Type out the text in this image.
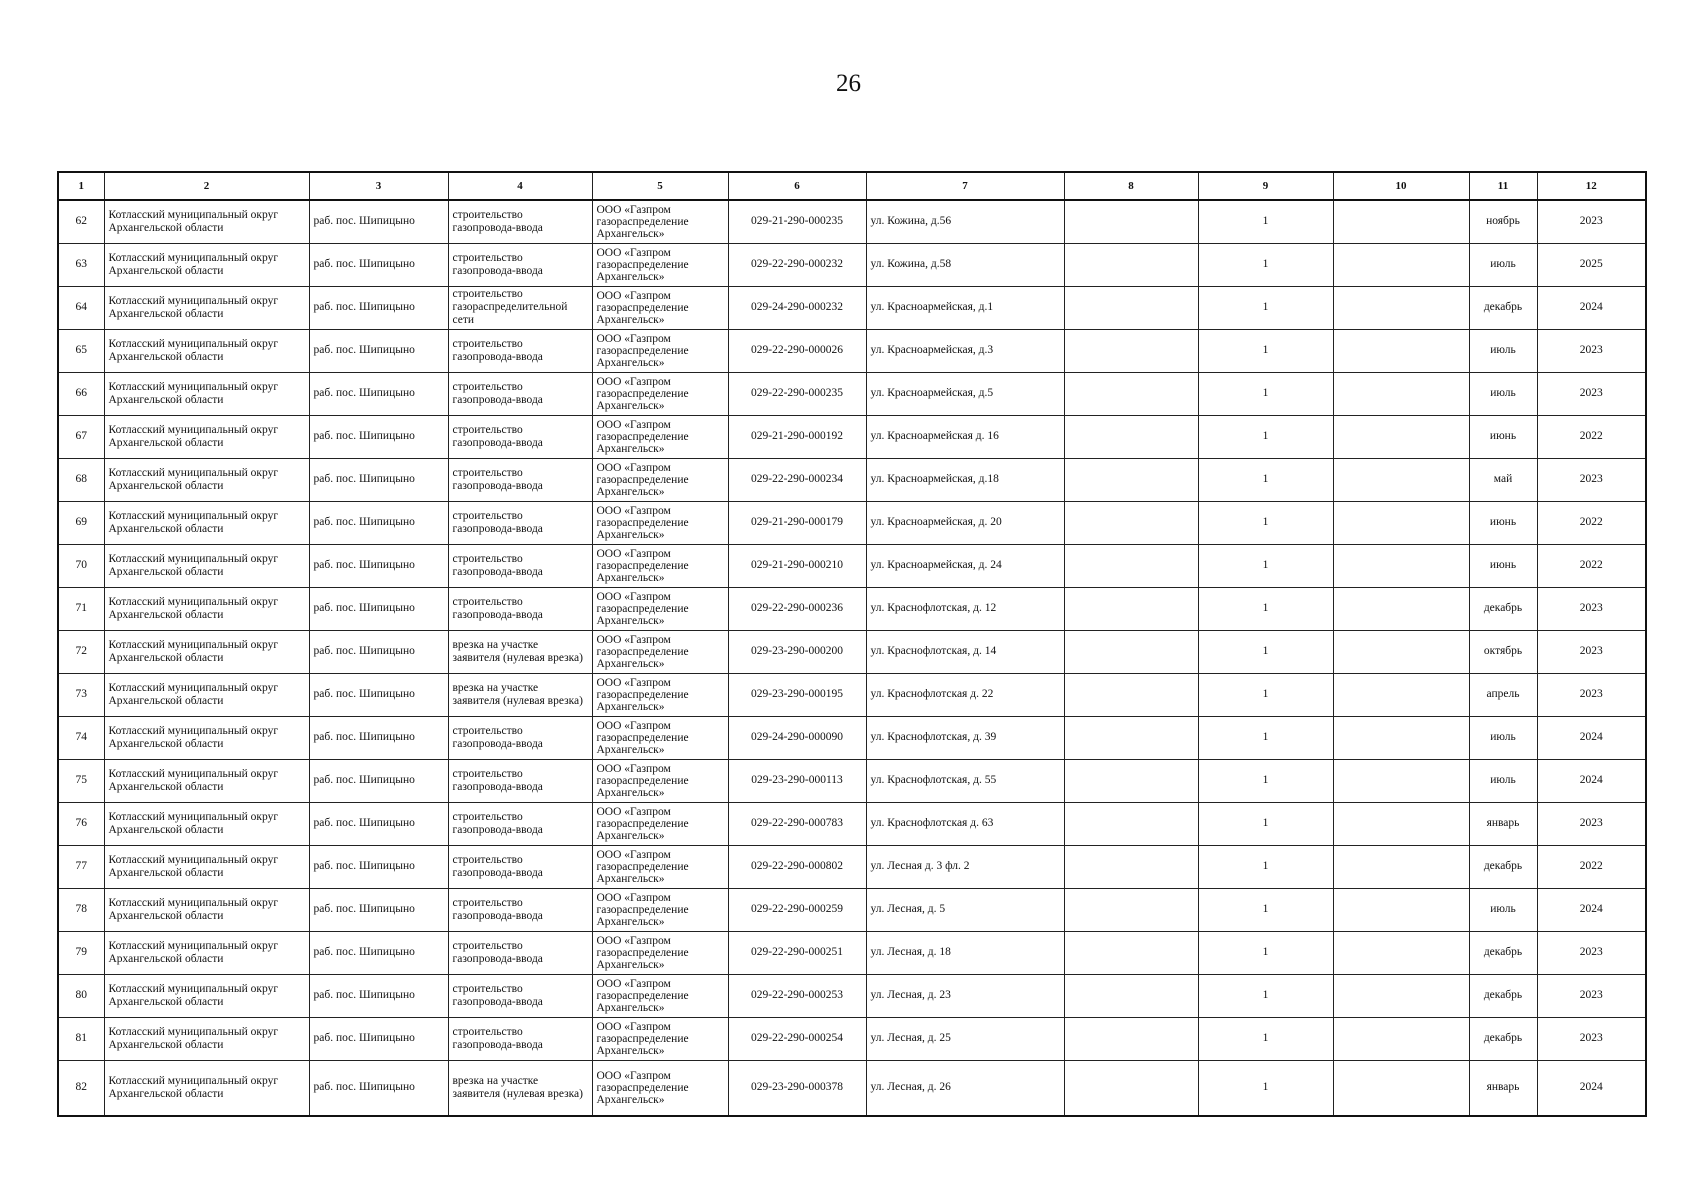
26
1	2	3	4	5	6	7	8	9	10	11	12
62	Котласский муниципальный округ Архангельской области	раб. пос. Шипицыно	строительство газопровода-ввода	ООО «Газпром газораспределение Архангельск»	029-21-290-000235	ул. Кожина, д.56		1		ноябрь	2023
63	Котласский муниципальный округ Архангельской области	раб. пос. Шипицыно	строительство газопровода-ввода	ООО «Газпром газораспределение Архангельск»	029-22-290-000232	ул. Кожина, д.58		1		июль	2025
64	Котласский муниципальный округ Архангельской области	раб. пос. Шипицыно	строительство газораспределительной сети	ООО «Газпром газораспределение Архангельск»	029-24-290-000232	ул. Красноармейская, д.1		1		декабрь	2024
65	Котласский муниципальный округ Архангельской области	раб. пос. Шипицыно	строительство газопровода-ввода	ООО «Газпром газораспределение Архангельск»	029-22-290-000026	ул. Красноармейская, д.3		1		июль	2023
66	Котласский муниципальный округ Архангельской области	раб. пос. Шипицыно	строительство газопровода-ввода	ООО «Газпром газораспределение Архангельск»	029-22-290-000235	ул. Красноармейская, д.5		1		июль	2023
67	Котласский муниципальный округ Архангельской области	раб. пос. Шипицыно	строительство газопровода-ввода	ООО «Газпром газораспределение Архангельск»	029-21-290-000192	ул. Красноармейская д. 16		1		июнь	2022
68	Котласский муниципальный округ Архангельской области	раб. пос. Шипицыно	строительство газопровода-ввода	ООО «Газпром газораспределение Архангельск»	029-22-290-000234	ул. Красноармейская, д.18		1		май	2023
69	Котласский муниципальный округ Архангельской области	раб. пос. Шипицыно	строительство газопровода-ввода	ООО «Газпром газораспределение Архангельск»	029-21-290-000179	ул. Красноармейская, д. 20		1		июнь	2022
70	Котласский муниципальный округ Архангельской области	раб. пос. Шипицыно	строительство газопровода-ввода	ООО «Газпром газораспределение Архангельск»	029-21-290-000210	ул. Красноармейская, д. 24		1		июнь	2022
71	Котласский муниципальный округ Архангельской области	раб. пос. Шипицыно	строительство газопровода-ввода	ООО «Газпром газораспределение Архангельск»	029-22-290-000236	ул. Краснофлотская, д. 12		1		декабрь	2023
72	Котласский муниципальный округ Архангельской области	раб. пос. Шипицыно	врезка на участке заявителя (нулевая врезка)	ООО «Газпром газораспределение Архангельск»	029-23-290-000200	ул. Краснофлотская, д. 14		1		октябрь	2023
73	Котласский муниципальный округ Архангельской области	раб. пос. Шипицыно	врезка на участке заявителя (нулевая врезка)	ООО «Газпром газораспределение Архангельск»	029-23-290-000195	ул. Краснофлотская д. 22		1		апрель	2023
74	Котласский муниципальный округ Архангельской области	раб. пос. Шипицыно	строительство газопровода-ввода	ООО «Газпром газораспределение Архангельск»	029-24-290-000090	ул. Краснофлотская, д. 39		1		июль	2024
75	Котласский муниципальный округ Архангельской области	раб. пос. Шипицыно	строительство газопровода-ввода	ООО «Газпром газораспределение Архангельск»	029-23-290-000113	ул. Краснофлотская, д. 55		1		июль	2024
76	Котласский муниципальный округ Архангельской области	раб. пос. Шипицыно	строительство газопровода-ввода	ООО «Газпром газораспределение Архангельск»	029-22-290-000783	ул. Краснофлотская д. 63		1		январь	2023
77	Котласский муниципальный округ Архангельской области	раб. пос. Шипицыно	строительство газопровода-ввода	ООО «Газпром газораспределение Архангельск»	029-22-290-000802	ул. Лесная д. 3 фл. 2		1		декабрь	2022
78	Котласский муниципальный округ Архангельской области	раб. пос. Шипицыно	строительство газопровода-ввода	ООО «Газпром газораспределение Архангельск»	029-22-290-000259	ул. Лесная, д. 5		1		июль	2024
79	Котласский муниципальный округ Архангельской области	раб. пос. Шипицыно	строительство газопровода-ввода	ООО «Газпром газораспределение Архангельск»	029-22-290-000251	ул. Лесная, д. 18		1		декабрь	2023
80	Котласский муниципальный округ Архангельской области	раб. пос. Шипицыно	строительство газопровода-ввода	ООО «Газпром газораспределение Архангельск»	029-22-290-000253	ул. Лесная, д. 23		1		декабрь	2023
81	Котласский муниципальный округ Архангельской области	раб. пос. Шипицыно	строительство газопровода-ввода	ООО «Газпром газораспределение Архангельск»	029-22-290-000254	ул. Лесная, д. 25		1		декабрь	2023
82	Котласский муниципальный округ Архангельской области	раб. пос. Шипицыно	врезка на участке заявителя (нулевая врезка)	ООО «Газпром газораспределение Архангельск»	029-23-290-000378	ул. Лесная, д. 26		1		январь	2024
